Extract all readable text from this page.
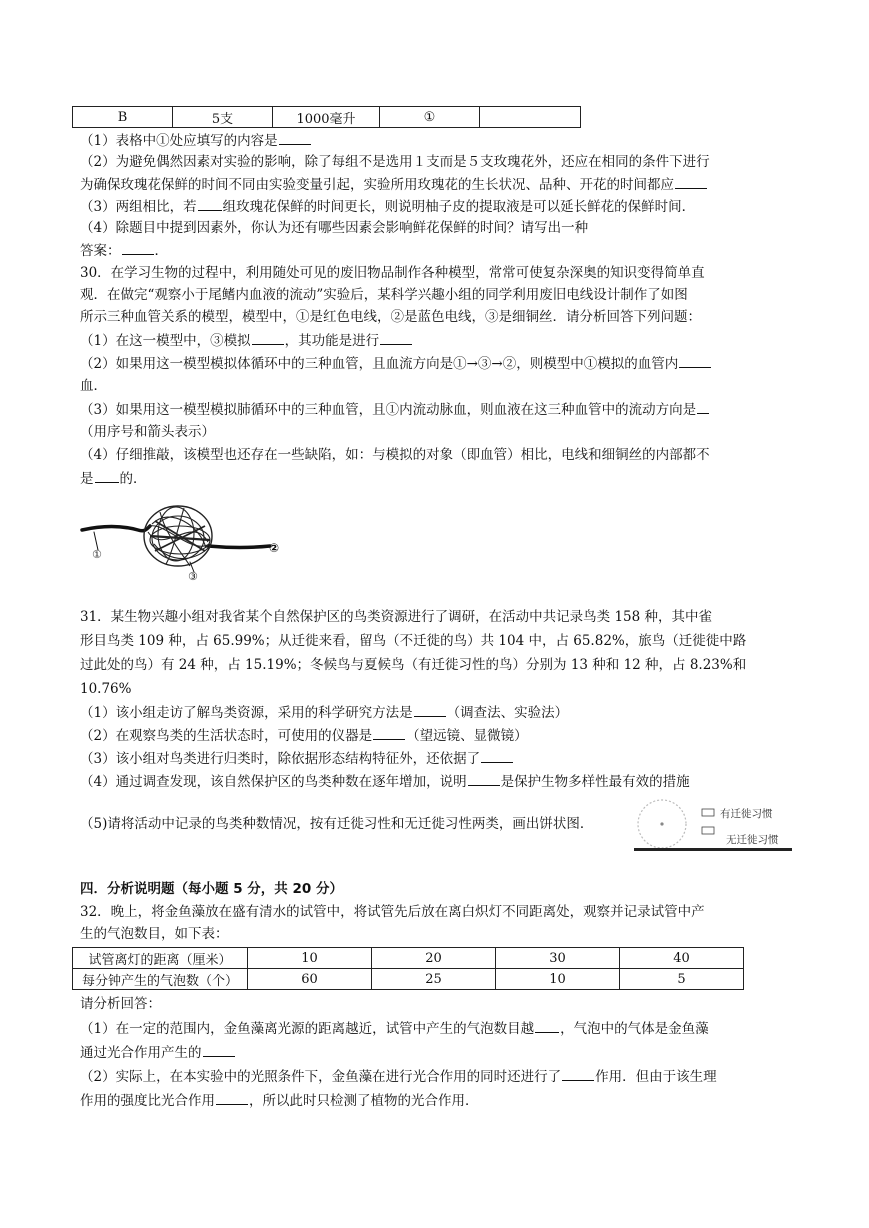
B	5支	1000毫升	①	
（1）表格中①处应填写的内容是
（2）为避免偶然因素对实验的影响，除了每组不是选用１支而是５支玫瑰花外，还应在相同的条件下进行
为确保玫瑰花保鲜的时间不同由实验变量引起，实验所用玫瑰花的生长状况、品种、开花的时间都应
（3）两组相比，若 组玫瑰花保鲜的时间更长，则说明柚子皮的提取液是可以延长鲜花的保鲜时间．
（4）除题目中提到因素外，你认为还有哪些因素会影响鲜花保鲜的时间？请写出一种
答案：	．
30．在学习生物的过程中，利用随处可见的废旧物品制作各种模型，常常可使复杂深奥的知识变得简单直
观．在做完“观察小于尾鳍内血液的流动”实验后，某科学兴趣小组的同学利用废旧电线设计制作了如图
所示三种血管关系的模型，模型中，①是红色电线，②是蓝色电线，③是细铜丝．请分析回答下列问题：
（1）在这一模型中，③模拟	，其功能是进行
（2）如果用这一模型模拟体循环中的三种血管，且血流方向是①→③→②，则模型中①模拟的血管内
血．
（3）如果用这一模型模拟肺循环中的三种血管，且①内流动脉血，则血液在这三种血管中的流动方向是
（用序号和箭头表示）
（4）仔细推敲，该模型也还存在一些缺陷，如：与模拟的对象（即血管）相比，电线和细铜丝的内部都不
是 的．
①	②
③
31．某生物兴趣小组对我省某个自然保护区的鸟类资源进行了调研，在活动中共记录鸟类 158 种，其中雀
形目鸟类 109 种，占 65.99%；从迁徙来看，留鸟（不迁徙的鸟）共 104 中，占 65.82%，旅鸟（迁徙徙中路
过此处的鸟）有 24 种，占 15.19%；冬候鸟与夏候鸟（有迁徙习性的鸟）分别为 13 种和 12 种，占 8.23%和
10.76%
（1）该小组走访了解鸟类资源，采用的科学研究方法是	（调查法、实验法）
（2）在观察鸟类的生活状态时，可使用的仪器是	（望远镜、显微镜）
（3）该小组对鸟类进行归类时，除依据形态结构特征外，还依据了
（4）通过调查发现，该自然保护区的鸟类种数在逐年增加，说明	是保护生物多样性最有效的措施
（5)请将活动中记录的鸟类种数情况，按有迁徙习性和无迁徙习性两类，画出饼状图．
有迁徙习惯
无迁徙习惯
四．分析说明题（每小题 5 分，共 20 分）
32．晚上，将金鱼藻放在盛有清水的试管中，将试管先后放在离白炽灯不同距离处，观察并记录试管中产
生的气泡数目，如下表：
试管离灯的距离（厘米）	10	20	30	40
每分钟产生的气泡数（个）	60	25	10	5
请分析回答：
（1）在一定的范围内，金鱼藻离光源的距离越近，试管中产生的气泡数目越 ，气泡中的气体是金鱼藻
通过光合作用产生的
（2）实际上，在本实验中的光照条件下，金鱼藻在进行光合作用的同时还进行了	作用．但由于该生理
作用的强度比光合作用	，所以此时只检测了植物的光合作用．
